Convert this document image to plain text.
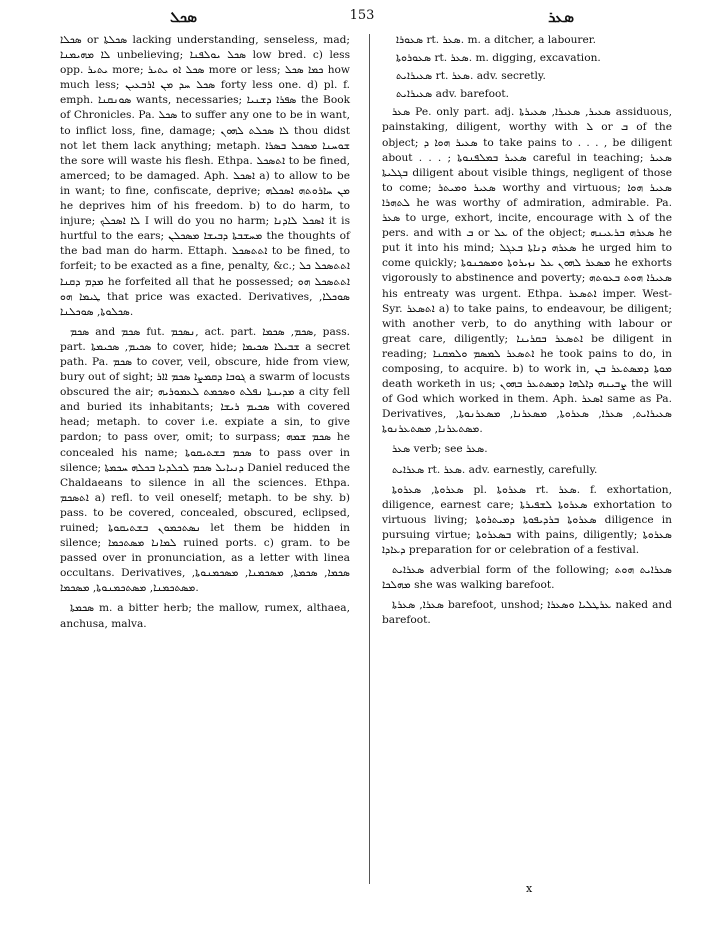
ܣܟܠ	153	ܣܥܪ

ܣܟܠܐ or ܣܟܠܬܐ lacking understanding, senseless, mad; ܠܐ ܡܗܝܡܢܐ unbelieving; ܣܟܠ ܝܘܠܦܢܐ low bred. c) less opp. ܝܬܝܪ more; ܣܟܠ ܐܘ ܝܬܝܪ more or less; ܟܡܐ ܣܟܠ how much less; ܣܟܠ ܚܕ ܡܢ ܐܪܒܥܝܢ forty less one. d) pl. f. emph. ܣܘܢܩܢܐ wants, necessaries; ܣܦܪܐ ܕܫܢܝܐ the Book of Chronicles. Pa. ܣܟܠ to suffer any one to be in want, to inflict loss, fine, damage; ܠܐ ܣܟܠܬ ܠܗܘܢ thou didst not let them lack anything; metaph. ܫܘܚܢܐ ܡܣܟܠ ܒܣܪܐ the sore will waste his flesh. Ethpa. ܐܬܣܟܠ to be fined, amerced; to be damaged. Aph. ܐܣܟܠ a) to allow to be in want; to fine, confiscate, deprive; ܡܢ ܚܐܪܘܬܗ ܐܣܟܠܗ he deprives him of his freedom. b) to do harm, to injure; ܠܐ ܐܣܟܠܟ I will do you no harm; ܐܣܟܠ ܠܐܕܢܐ it is hurtful to the ears; ܡܚܫܒܬܐ ܕܒܝܫܐ ܡܣܟܠܢ the thoughts of the bad man do harm. Ettaph. ܐܬܬܣܟܠ to be fined, to forfeit; to be exacted as a fine, penalty, &c.; ܐܬܬܣܟܠ ܟܠ ܡܕܡ ܕܩܢܐ he forfeited all that he possessed; ܐܬܬܣܟܠ ܗܘ ܛܝܡܐ ܗܘ that price was exacted. Derivatives, ܣܘܟܠܐ, ܣܟܠܘܬܐ, ܣܘܟܠܢܐ.

ܣܟܡ and ܣܟܡ fut. ܢܣܟܡ, act. part. ܣܟܡ, ܣܟܡܐ, pass. part. ܣܟܝܡ, ܣܟܝܡܬܐ to cover, hide; ܫܒܝܠܐ ܣܟܝܡܐ a secret path. Pa. ܣܟܡ to cover, veil, obscure, hide from view, bury out of sight; ܓܘܒܐ ܕܩܡܨܐ ܣܟܡ ܐܐܪ a swarm of locusts obscured the air; ܡܕܝܢܬܐ ܢܦܠܬ ܘܣܟܡܬ ܠܥܡܘܪܝܗ a city fell and buried its inhabitants; ܣܟܝܡ ܪܝܫܐ with covered head; metaph. to cover i.e. expiate a sin, to give pardon; to pass over, omit; to surpass; ܣܟܡ ܫܡܗ he concealed his name; ܣܟܡ ܒܫܬܝܩܘܬܐ to pass over in silence; ܕܢܝܐܝܠ ܣܟܡ ܠܟܠܕܝܐ ܒܟܠܗ ܚܟܡܬܐ Daniel reduced the Chaldaeans to silence in all the sciences. Ethpa. ܐܬܣܟܡ a) refl. to veil oneself; metaph. to be shy. b) pass. to be covered, concealed, obscured, eclipsed, ruined; ܢܣܬܟܡܘܢ ܒܫܬܝܩܘܬܐ let them be hidden in silence; ܠܡܐܢܐ ܡܣܬܟܡܐ ruined ports. c) gram. to be passed over in pronunciation, as a letter with linea occultans. Derivatives, ܣܟܡܐ, ܣܟܡܬܐ, ܡܣܟܡܢܐ, ܡܣܟܡܢܘܬܐ, ܡܣܬܟܡܢܐ, ܡܣܬܟܡܢܘܬܐ, ܡܣܟܡܐ.

ܣܟܡܬܐ m. a bitter herb; the mallow, rumex, althaea, anchusa, malva.

ܣܥܘܪܐ rt. ܣܥܪ. m. a ditcher, a labourer.

ܣܥܘܪܘܬܐ rt. ܣܥܪ. m. digging, excavation.

ܣܥܝܪܐܝܬ rt. ܣܥܪ. adv. secretly.

ܣܥܝܪܐܝܬ adv. barefoot.

ܣܥܪ Pe. only part. adj. ܣܥܝܪ, ܣܥܝܪܐ, ܣܥܝܪܬܐ assiduous, painstaking, diligent, worthy with ܠ or ܒ of the object; ܣܥܝܪ ܗܘܐ ܕ to take pains to . . . , be diligent about . . . ; ܣܥܝܪ ܒܡܠܦܢܘܬܐ careful in teaching; ܣܥܝܪ ܒܓܠܝܬܐ diligent about visible things, negligent of those to come; ܣܥܝܪ ܘܡܝܬܪ worthy and virtuous; ܣܥܝܪ ܗܘܐ ܠܬܗܪܐ he was worthy of admiration, admirable. Pa. ܣܥܪ to urge, exhort, incite, encourage with ܠ of the pers. and with ܒ or ܥܠ of the object; ܣܥܪܗ ܒܪܥܝܢܗ he put it into his mind; ܣܥܪܗ ܕܢܐܬܐ ܒܥܓܠ he urged him to come quickly; ܡܣܥܪ ܠܗܘܢ ܥܠ ܢܙܝܪܘܬܐ ܘܡܣܟܢܘܬܐ he exhorts vigorously to abstinence and poverty; ܣܥܝܪܐ ܗܘܬ ܒܥܘܬܗ his entreaty was urgent. Ethpa. ܐܬܣܥܪ imper. West-Syr. ܐܬܣܥܪ a) to take pains, to endeavour, be diligent; with another verb, to do anything with labour or great care, diligently; ܐܬܣܥܪ ܒܩܪܝܢܐ be diligent in reading; ܐܬܣܥܪ ܠܡܣܡ ܘܠܡܩܢܐ he took pains to do, in composing, to acquire. b) to work in, ܡܘܬܐ ܕܡܣܬܥܪ ܒܢ death worketh in us; ܨܒܝܢܗ ܕܐܠܗܐ ܕܡܣܬܥܪ ܒܗܘܢ the will of God which worked in them. Aph. ܐܣܥܪ same as Pa. Derivatives, ܣܥܝܪܐܝܬ, ܣܥܪܐ, ܣܥܪܘܬܐ, ܡܣܥܪܢܐ, ܡܣܥܪܢܘܬܐ, ܡܣܬܥܪܢܐ, ܡܣܬܥܪܢܘܬܐ.

ܣܥܪ verb; see ܣܥܪ.

ܣܥܪܐܝܬ rt. ܣܥܪ. adv. earnestly, carefully.

ܣܥܪܘܬܐ, ܣܥܪܘܬܐ pl. ܣܥܪܘܬܐ rt. ܣܥܪ. f. exhortation, diligence, earnest care; ܣܥܪܘܬܐ ܠܫܦܝܪܬܐ exhortation to virtuous living; ܣܥܪܘܬܐ ܒܪܕܝܦܘܬܐ ܕܡܝܬܪܘܬܐ diligence in pursuing virtue; ܒܣܥܪܘܬܐ with pains, diligently; ܣܥܪܘܬܐ ܕܥܐܕܐ preparation for or celebration of a festival.

ܣܥܪܐܝܬ adverbial form of the following; ܣܥܪܐܝܬ ܗܘܬ ܡܗܠܟܐ she was walking barefoot.

ܣܥܪܐ, ܣܥܪܬܐ barefoot, unshod; ܥܪܛܠܝܐ ܘܣܥܪܐ naked and barefoot.

x
